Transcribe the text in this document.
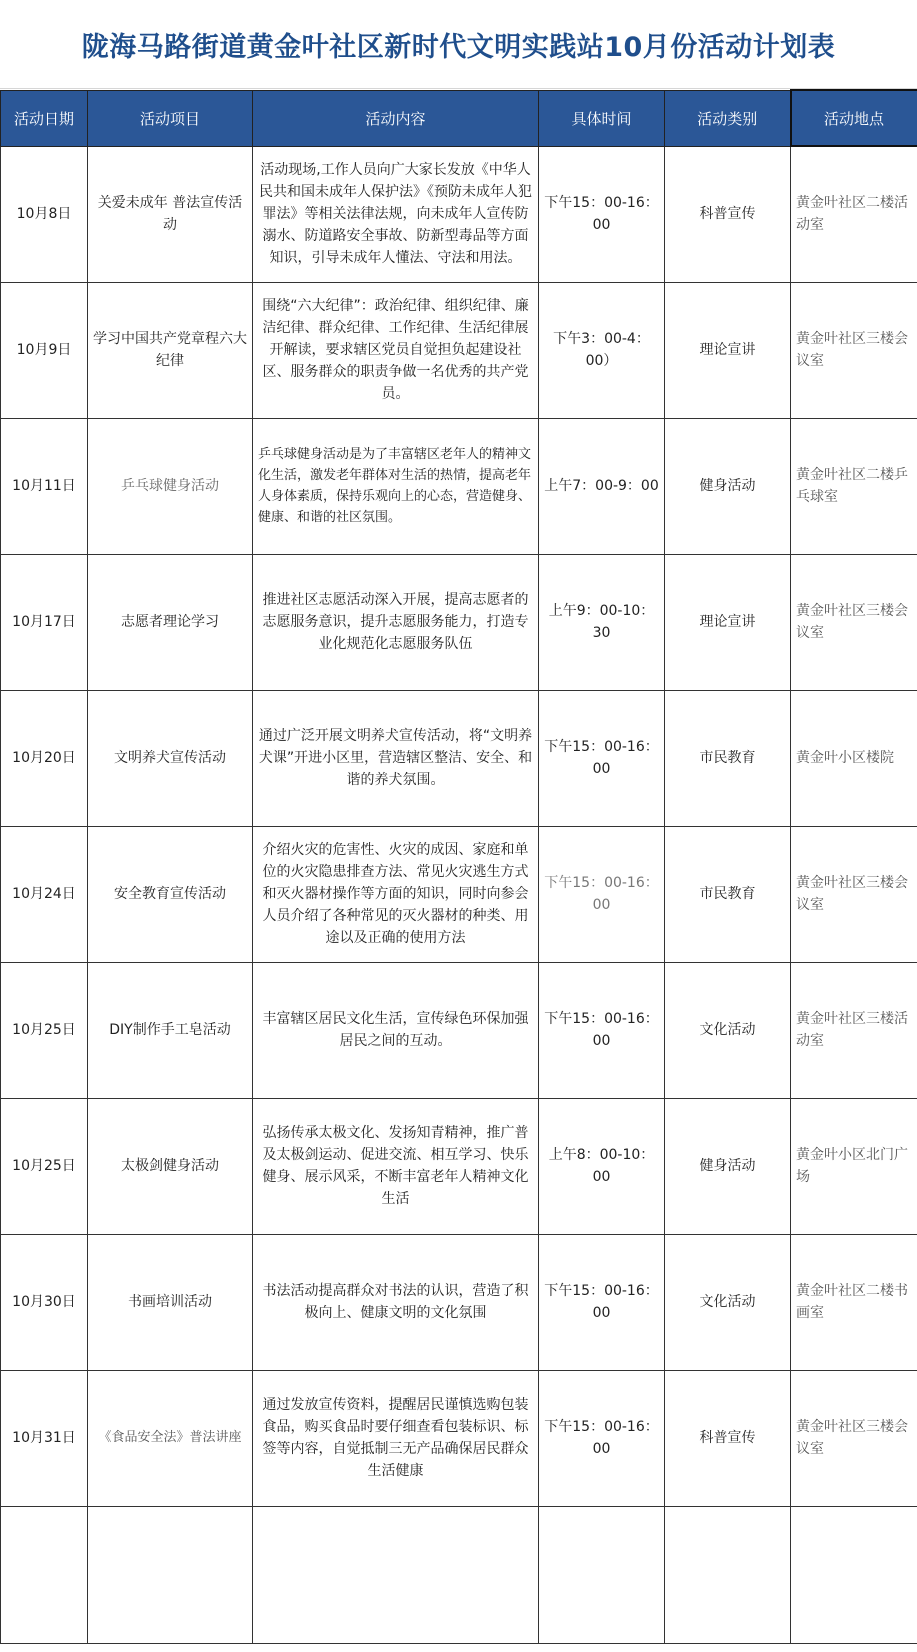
陇海马路街道黄金叶社区新时代文明实践站10月份活动计划表
活动日期	活动项目	活动内容	具体时间	活动类别	活动地点
10月8日	关爱未成年 普法宣传活动	活动现场,工作人员向广大家长发放《中华人民共和国未成年人保护法》《预防未成年人犯罪法》等相关法律法规，向未成年人宣传防溺水、防道路安全事故、防新型毒品等方面知识，引导未成年人懂法、守法和用法。	下午15：00-16：00	科普宣传	黄金叶社区二楼活动室
10月9日	学习中国共产党章程六大纪律	围绕“六大纪律”：政治纪律、组织纪律、廉洁纪律、群众纪律、工作纪律、生活纪律展开解读，要求辖区党员自觉担负起建设社区、服务群众的职责争做一名优秀的共产党员。	下午3：00-4：00）	理论宣讲	黄金叶社区三楼会议室
10月11日	乒乓球健身活动	乒乓球健身活动是为了丰富辖区老年人的精神文化生活，激发老年群体对生活的热情，提高老年人身体素质，保持乐观向上的心态，营造健身、健康、和谐的社区氛围。	上午7：00-9：00	健身活动	黄金叶社区二楼乒乓球室
10月17日	志愿者理论学习	推进社区志愿活动深入开展，提高志愿者的志愿服务意识，提升志愿服务能力，打造专业化规范化志愿服务队伍	上午9：00-10：30	理论宣讲	黄金叶社区三楼会议室
10月20日	文明养犬宣传活动	通过广泛开展文明养犬宣传活动，将“文明养犬课”开进小区里，营造辖区整洁、安全、和谐的养犬氛围。	下午15：00-16：00	市民教育	黄金叶小区楼院
10月24日	安全教育宣传活动	介绍火灾的危害性、火灾的成因、家庭和单位的火灾隐患排查方法、常见火灾逃生方式和灭火器材操作等方面的知识，同时向参会人员介绍了各种常见的灭火器材的种类、用途以及正确的使用方法	下午15：00-16：00	市民教育	黄金叶社区三楼会议室
10月25日	DIY制作手工皂活动	丰富辖区居民文化生活，宣传绿色环保加强居民之间的互动。	下午15：00-16：00	文化活动	黄金叶社区三楼活动室
10月25日	太极剑健身活动	弘扬传承太极文化、发扬知青精神，推广普及太极剑运动、促进交流、相互学习、快乐健身、展示风采，不断丰富老年人精神文化生活	上午8：00-10：00	健身活动	黄金叶小区北门广场
10月30日	书画培训活动	书法活动提高群众对书法的认识，营造了积极向上、健康文明的文化氛围	下午15：00-16：00	文化活动	黄金叶社区二楼书画室
10月31日	《食品安全法》普法讲座	通过发放宣传资料，提醒居民谨慎选购包装食品，购买食品时要仔细查看包装标识、标签等内容，自觉抵制三无产品确保居民群众生活健康	下午15：00-16：00	科普宣传	黄金叶社区三楼会议室
